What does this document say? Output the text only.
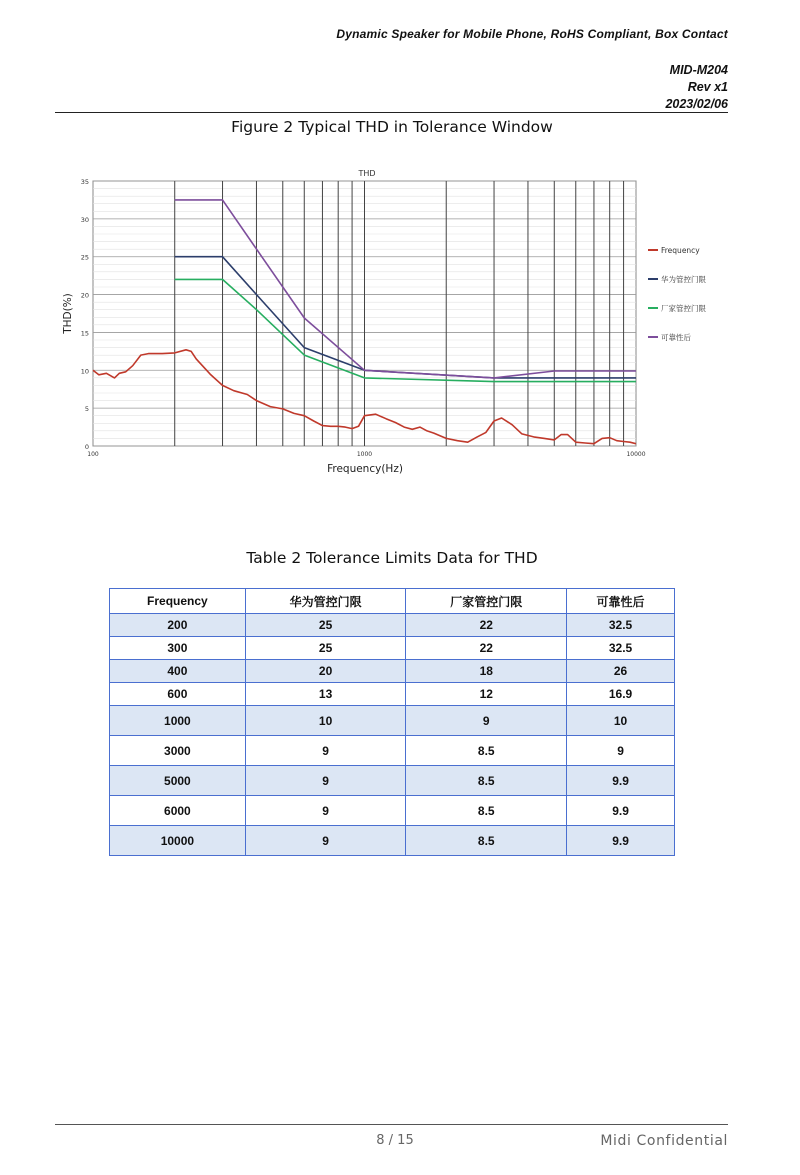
Dynamic Speaker for Mobile Phone, RoHS Compliant, Box Contact
MID-M204
Rev x1
2023/02/06
Figure 2 Typical THD in Tolerance Window
0
5
10
15
20
25
30
35
100	1000	10000
THD
Frequency(Hz)
THD(%)
Frequency
华为管控门限
厂家管控门限
可靠性后
Table 2 Tolerance Limits Data for THD
Frequency	华为管控门限	厂家管控门限	可靠性后
200	25	22	32.5
300	25	22	32.5
400	20	18	26
600	13	12	16.9
1000	10	9	10
3000	9	8.5	9
5000	9	8.5	9.9
6000	9	8.5	9.9
10000	9	8.5	9.9
8 / 15	Midi Confidential
